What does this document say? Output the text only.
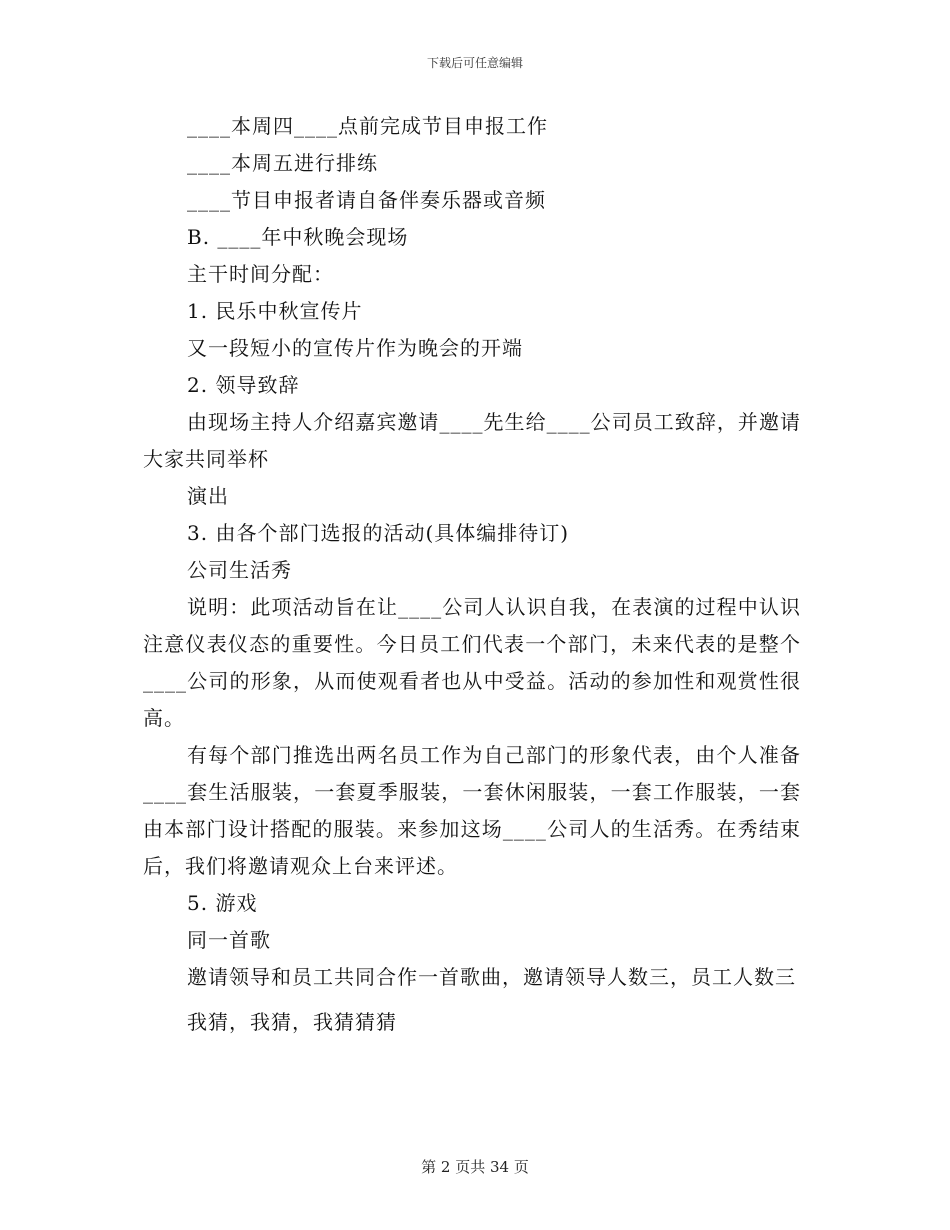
下载后可任意编辑

____本周四____点前完成节目申报工作

____本周五进行排练

____节目申报者请自备伴奏乐器或音频

B. ____年中秋晚会现场

主干时间分配：

1. 民乐中秋宣传片

又一段短小的宣传片作为晚会的开端

2. 领导致辞

由现场主持人介绍嘉宾邀请____先生给____公司员工致辞，并邀请大家共同举杯

演出

3. 由各个部门选报的活动(具体编排待订)

公司生活秀

说明：此项活动旨在让____公司人认识自我，在表演的过程中认识注意仪表仪态的重要性。今日员工们代表一个部门，未来代表的是整个____公司的形象，从而使观看者也从中受益。活动的参加性和观赏性很高。

有每个部门推选出两名员工作为自己部门的形象代表，由个人准备____套生活服装，一套夏季服装，一套休闲服装，一套工作服装，一套由本部门设计搭配的服装。来参加这场____公司人的生活秀。在秀结束后，我们将邀请观众上台来评述。

5. 游戏

同一首歌

邀请领导和员工共同合作一首歌曲，邀请领导人数三，员工人数三

我猜，我猜，我猜猜猜

第 2 页共 34 页
